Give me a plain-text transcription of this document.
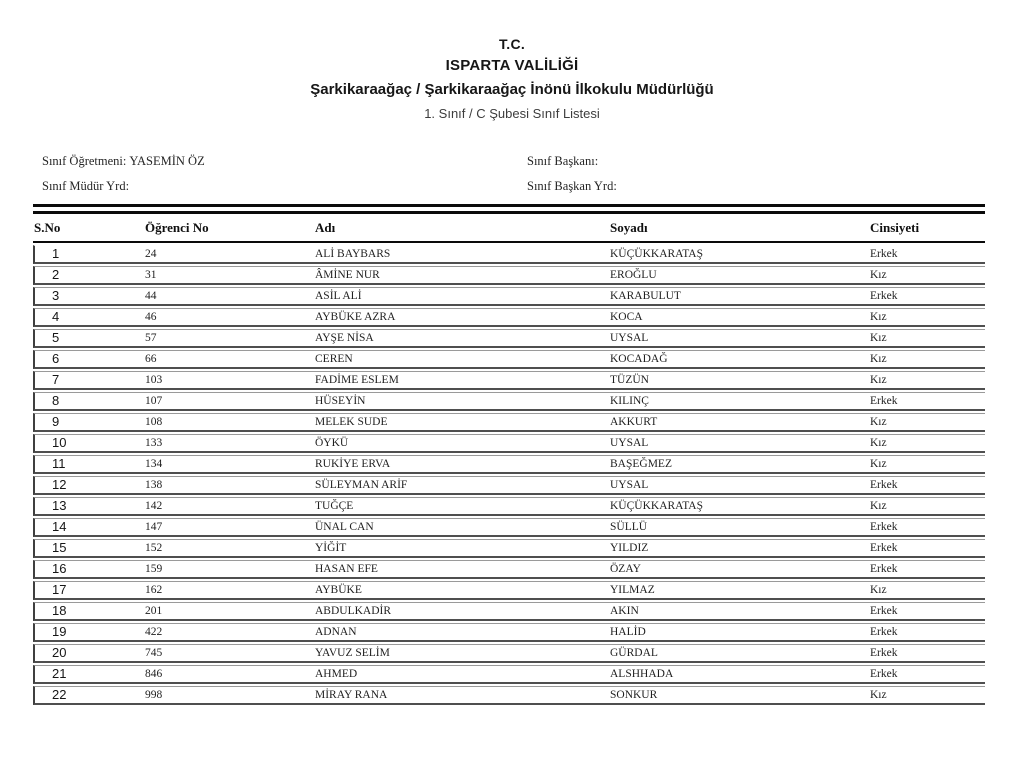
T.C.
ISPARTA VALİLİĞİ
Şarkikaraağaç / Şarkikaraağaç İnönü İlkokulu Müdürlüğü
1. Sınıf / C Şubesi Sınıf Listesi
Sınıf Öğretmeni: YASEMİN ÖZ
Sınıf Müdür Yrd:
Sınıf Başkanı:
Sınıf Başkan Yrd:
S.No	Öğrenci No	Adı	Soyadı	Cinsiyeti
1	24	ALİ BAYBARS	KÜÇÜKKARATAŞ	Erkek
2	31	ÂMİNE NUR	EROĞLU	Kız
3	44	ASİL ALİ	KARABULUT	Erkek
4	46	AYBÜKE AZRA	KOCA	Kız
5	57	AYŞE NİSA	UYSAL	Kız
6	66	CEREN	KOCADAĞ	Kız
7	103	FADİME ESLEM	TÜZÜN	Kız
8	107	HÜSEYİN	KILINÇ	Erkek
9	108	MELEK SUDE	AKKURT	Kız
10	133	ÖYKÜ	UYSAL	Kız
11	134	RUKİYE ERVA	BAŞEĞMEZ	Kız
12	138	SÜLEYMAN ARİF	UYSAL	Erkek
13	142	TUĞÇE	KÜÇÜKKARATAŞ	Kız
14	147	ÜNAL CAN	SÜLLÜ	Erkek
15	152	YİĞİT	YILDIZ	Erkek
16	159	HASAN EFE	ÖZAY	Erkek
17	162	AYBÜKE	YILMAZ	Kız
18	201	ABDULKADİR	AKIN	Erkek
19	422	ADNAN	HALİD	Erkek
20	745	YAVUZ SELİM	GÜRDAL	Erkek
21	846	AHMED	ALSHHADA	Erkek
22	998	MİRAY RANA	SONKUR	Kız
